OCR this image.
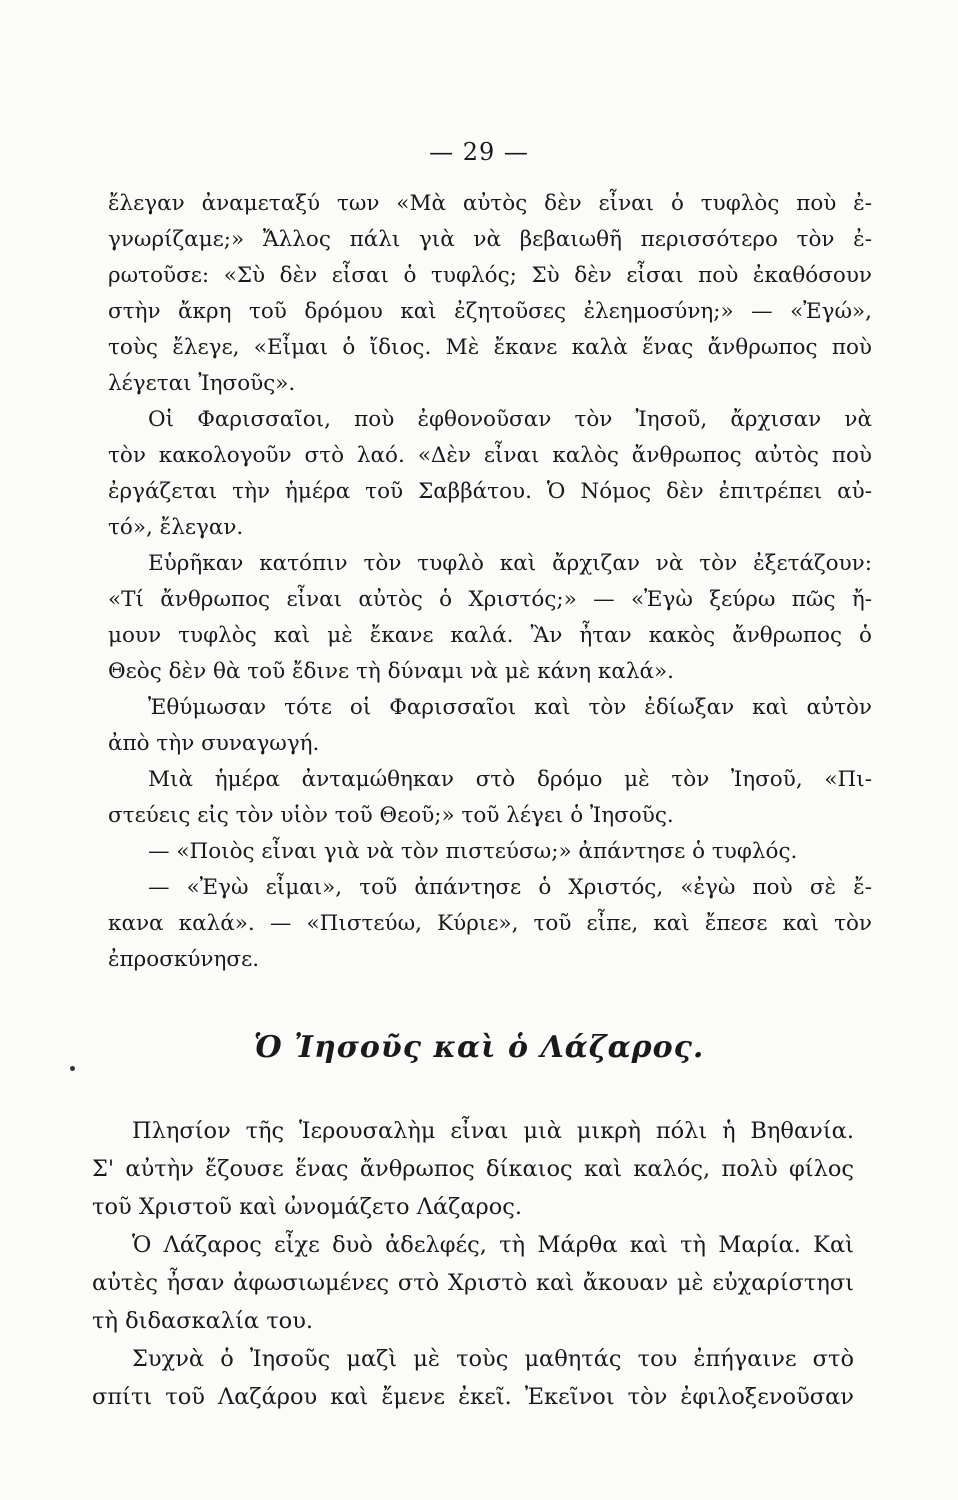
— 29 —
ἔλεγαν ἀναμεταξύ των «Μὰ αὐτὸς δὲν εἶναι ὁ τυφλὸς ποὺ ἐ-
γνωρίζαμε;» Ἄλλος πάλι γιὰ νὰ βεβαιωθῆ περισσότερο τὸν ἐ-
ρωτοῦσε: «Σὺ δὲν εἶσαι ὁ τυφλός; Σὺ δὲν εἶσαι ποὺ ἐκαθόσουν
στὴν ἄκρη τοῦ δρόμου καὶ ἐζητοῦσες ἐλεημοσύνη;» — «Ἐγώ»,
τοὺς ἔλεγε, «Εἶμαι ὁ ἴδιος. Μὲ ἔκανε καλὰ ἕνας ἄνθρωπος ποὺ
λέγεται Ἰησοῦς».
Οἱ Φαρισσαῖοι, ποὺ ἐφθονοῦσαν τὸν Ἰησοῦ, ἄρχισαν νὰ
τὸν κακολογοῦν στὸ λαό. «Δὲν εἶναι καλὸς ἄνθρωπος αὐτὸς ποὺ
ἐργάζεται τὴν ἡμέρα τοῦ Σαββάτου. Ὁ Νόμος δὲν ἐπιτρέπει αὐ-
τό», ἔλεγαν.
Εὑρῆκαν κατόπιν τὸν τυφλὸ καὶ ἄρχιζαν νὰ τὸν ἐξετάζουν:
«Τί ἄνθρωπος εἶναι αὐτὸς ὁ Χριστός;» — «Ἐγὼ ξεύρω πῶς ἤ-
μουν τυφλὸς καὶ μὲ ἔκανε καλά. Ἂν ἦταν κακὸς ἄνθρωπος ὁ
Θεὸς δὲν θὰ τοῦ ἔδινε τὴ δύναμι νὰ μὲ κάνη καλά».
Ἐθύμωσαν τότε οἱ Φαρισσαῖοι καὶ τὸν ἐδίωξαν καὶ αὐτὸν
ἀπὸ τὴν συναγωγή.
Μιὰ ἡμέρα ἀνταμώθηκαν στὸ δρόμο μὲ τὸν Ἰησοῦ, «Πι-
στεύεις εἰς τὸν υἱὸν τοῦ Θεοῦ;» τοῦ λέγει ὁ Ἰησοῦς.
— «Ποιὸς εἶναι γιὰ νὰ τὸν πιστεύσω;» ἀπάντησε ὁ τυφλός.
— «Ἐγὼ εἶμαι», τοῦ ἀπάντησε ὁ Χριστός, «ἐγὼ ποὺ σὲ ἔ-
κανα καλά». — «Πιστεύω, Κύριε», τοῦ εἶπε, καὶ ἔπεσε καὶ τὸν
ἐπροσκύνησε.
Ὁ Ἰησοῦς καὶ ὁ Λάζαρος.
Πλησίον τῆς Ἱερουσαλὴμ εἶναι μιὰ μικρὴ πόλι ἡ Βηθανία.
Σ' αὐτὴν ἔζουσε ἕνας ἄνθρωπος δίκαιος καὶ καλός, πολὺ φίλος
τοῦ Χριστοῦ καὶ ὠνομάζετο Λάζαρος.
Ὁ Λάζαρος εἶχε δυὸ ἀδελφές, τὴ Μάρθα καὶ τὴ Μαρία. Καὶ
αὐτὲς ἦσαν ἀφωσιωμένες στὸ Χριστὸ καὶ ἄκουαν μὲ εὐχαρίστησι
τὴ διδασκαλία του.
Συχνὰ ὁ Ἰησοῦς μαζὶ μὲ τοὺς μαθητάς του ἐπήγαινε στὸ
σπίτι τοῦ Λαζάρου καὶ ἔμενε ἐκεῖ. Ἐκεῖνοι τὸν ἐφιλοξενοῦσαν
